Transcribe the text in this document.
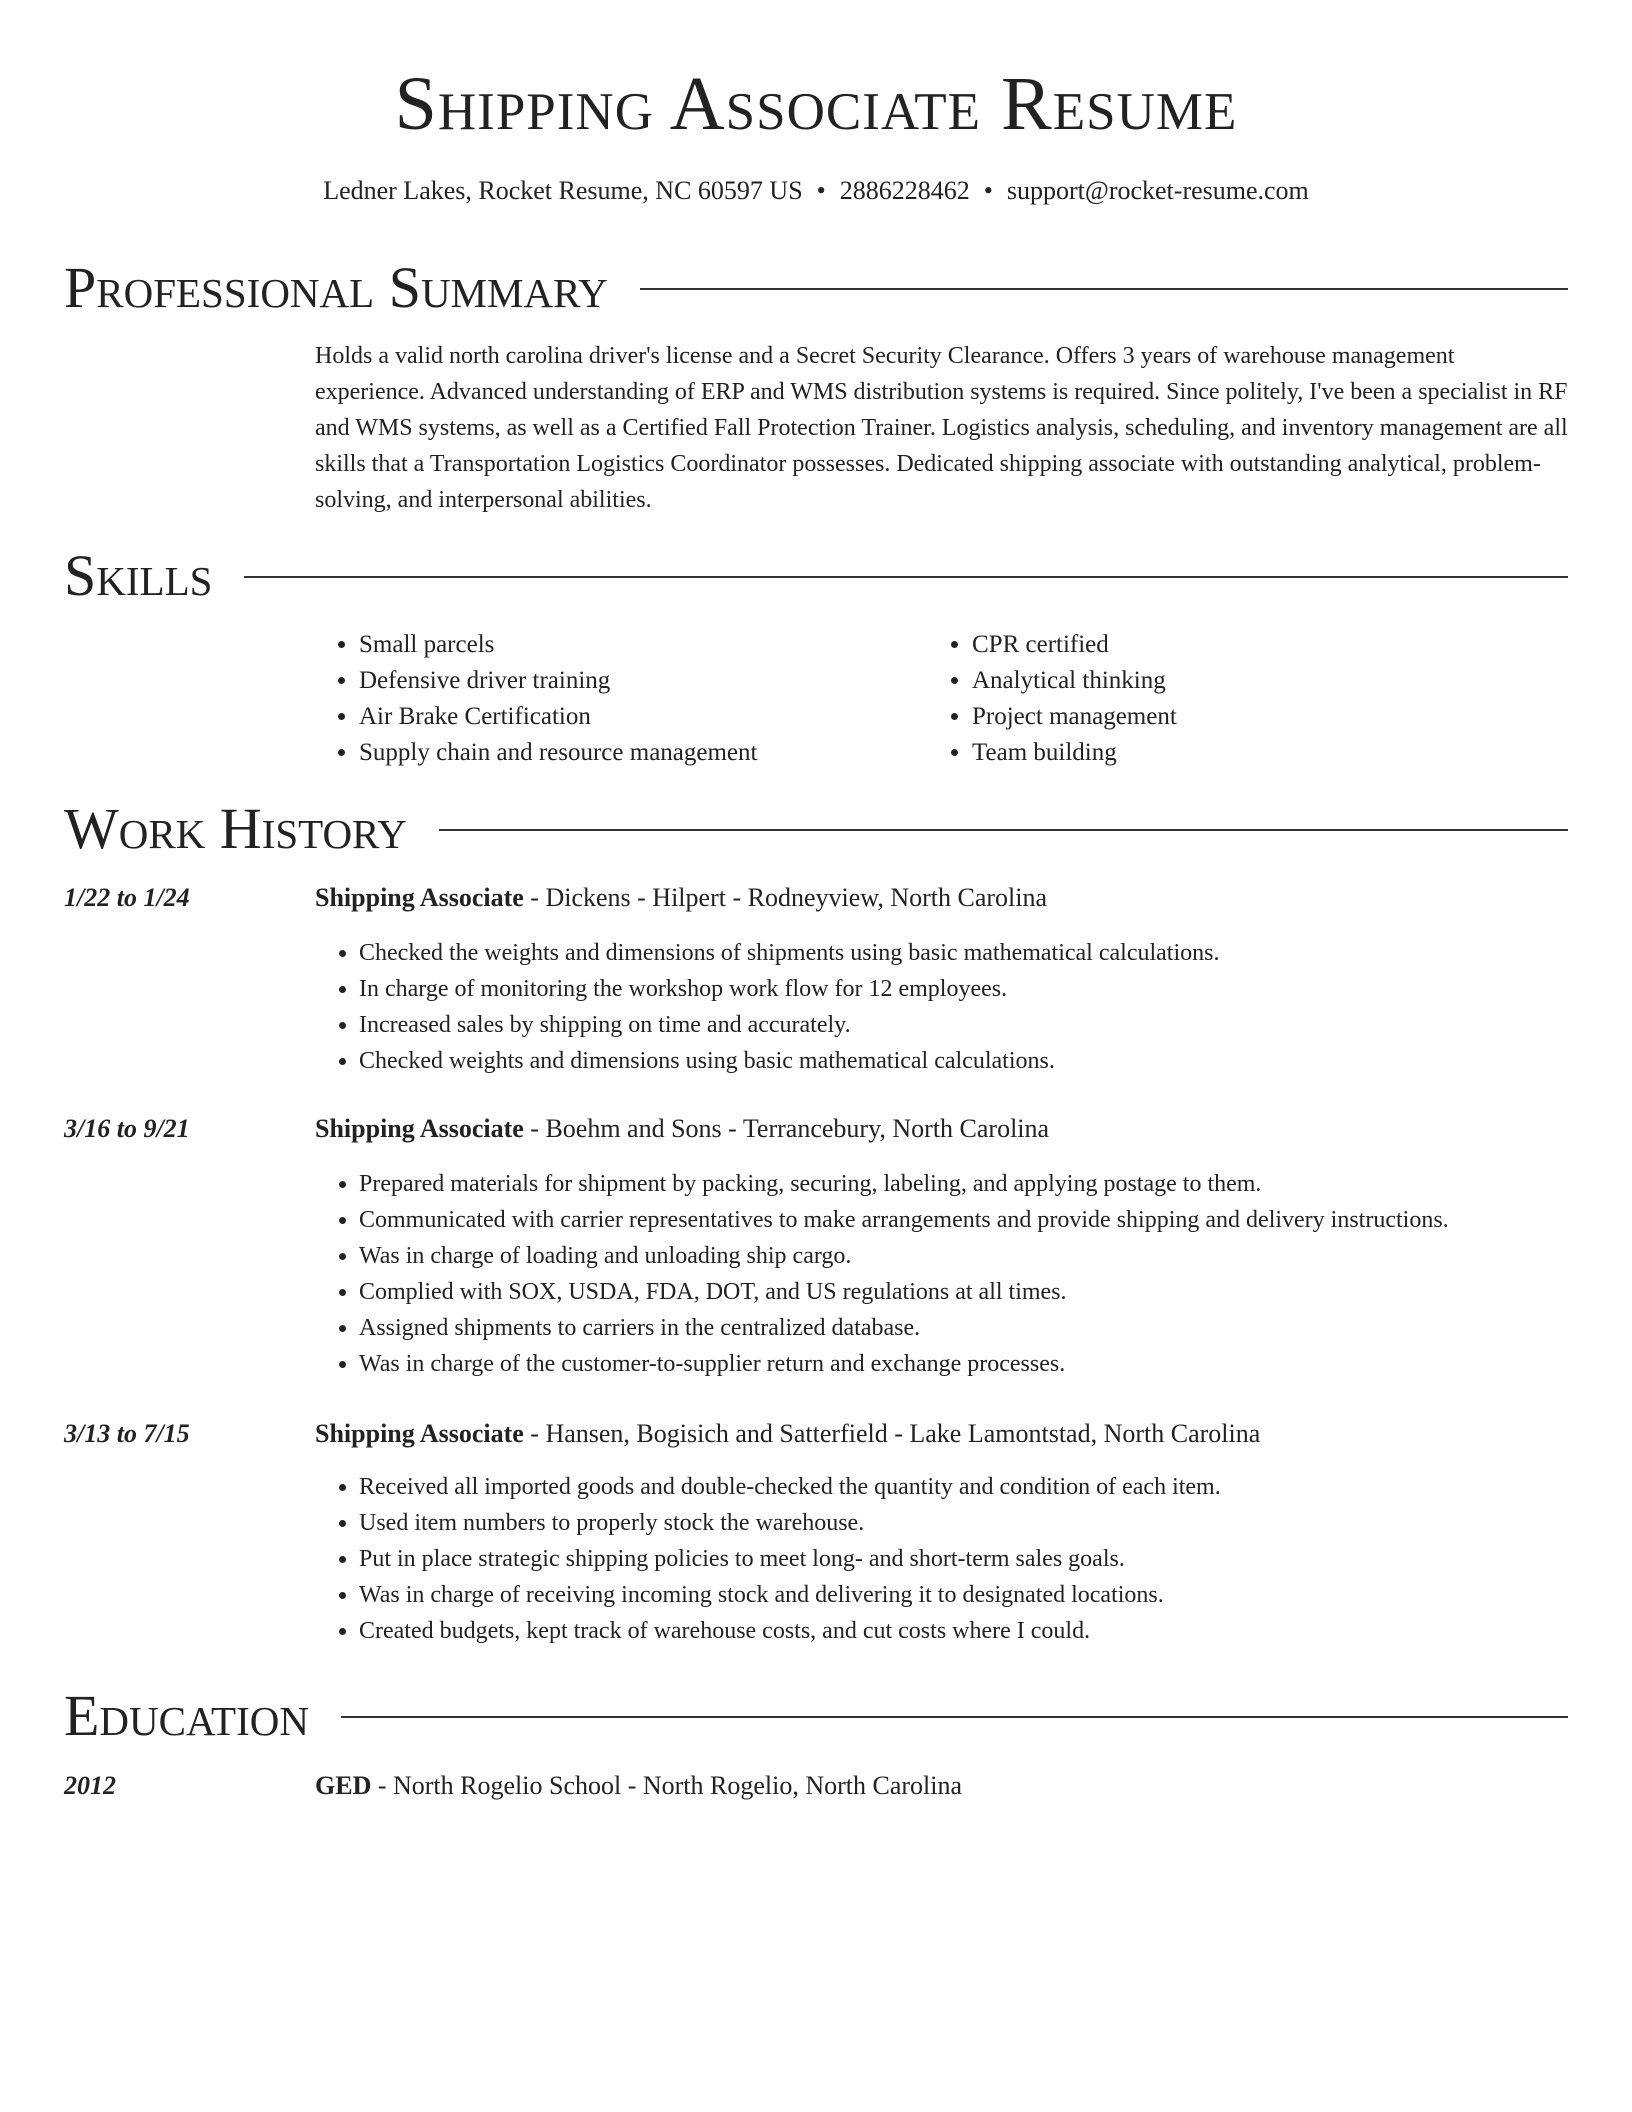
Shipping Associate Resume
Ledner Lakes, Rocket Resume, NC 60597 US • 2886228462 • support@rocket-resume.com
Professional Summary

Holds a valid north carolina driver's license and a Secret Security Clearance. Offers 3 years of warehouse management experience. Advanced understanding of ERP and WMS distribution systems is required. Since politely, I've been a specialist in RF and WMS systems, as well as a Certified Fall Protection Trainer. Logistics analysis, scheduling, and inventory management are all skills that a Transportation Logistics Coordinator possesses. Dedicated shipping associate with outstanding analytical, problem-solving, and interpersonal abilities.

Skills
• Small parcels
• Defensive driver training
• Air Brake Certification
• Supply chain and resource management
• CPR certified
• Analytical thinking
• Project management
• Team building
Work History
1/22 to 1/24	Shipping Associate - Dickens - Hilpert - Rodneyview, North Carolina
• Checked the weights and dimensions of shipments using basic mathematical calculations.
• In charge of monitoring the workshop work flow for 12 employees.
• Increased sales by shipping on time and accurately.
• Checked weights and dimensions using basic mathematical calculations.
3/16 to 9/21	Shipping Associate - Boehm and Sons - Terrancebury, North Carolina
• Prepared materials for shipment by packing, securing, labeling, and applying postage to them.
• Communicated with carrier representatives to make arrangements and provide shipping and delivery instructions.
• Was in charge of loading and unloading ship cargo.
• Complied with SOX, USDA, FDA, DOT, and US regulations at all times.
• Assigned shipments to carriers in the centralized database.
• Was in charge of the customer-to-supplier return and exchange processes.
3/13 to 7/15	Shipping Associate - Hansen, Bogisich and Satterfield - Lake Lamontstad, North Carolina
• Received all imported goods and double-checked the quantity and condition of each item.
• Used item numbers to properly stock the warehouse.
• Put in place strategic shipping policies to meet long- and short-term sales goals.
• Was in charge of receiving incoming stock and delivering it to designated locations.
• Created budgets, kept track of warehouse costs, and cut costs where I could.
Education
2012	GED - North Rogelio School - North Rogelio, North Carolina
